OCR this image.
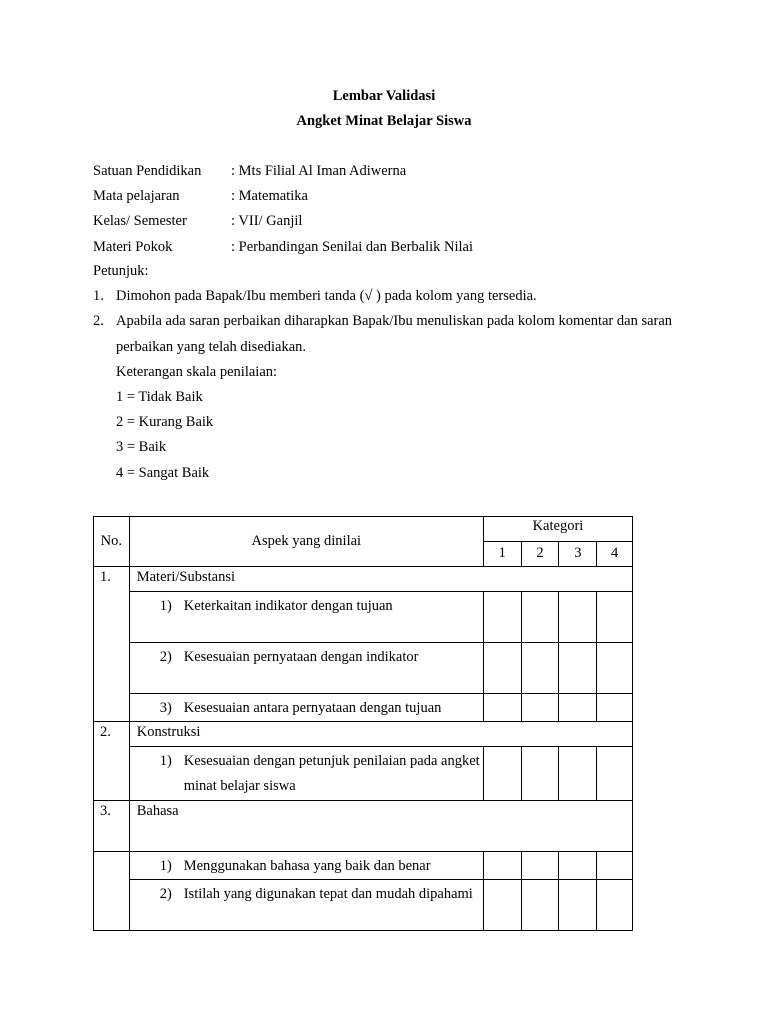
Lembar Validasi
Angket Minat Belajar Siswa
Satuan Pendidikan : Mts Filial Al Iman Adiwerna
Mata pelajaran	: Matematika
Kelas/ Semester	: VII/ Ganjil
Materi Pokok	: Perbandingan Senilai dan Berbalik Nilai
Petunjuk:
1. Dimohon pada Bapak/Ibu memberi tanda (√ ) pada kolom yang tersedia.
2. Apabila ada saran perbaikan diharapkan Bapak/Ibu menuliskan pada kolom komentar dan saran perbaikan yang telah disediakan.
Keterangan skala penilaian:
1 = Tidak Baik
2 = Kurang Baik
3 = Baik
4 = Sangat Baik
No.	Aspek yang dinilai	Kategori			
		1	2	3	4
1.	Materi/Substansi				

	1) Keterkaitan indikator dengan tujuan				

	2) Kesesuaian pernyataan dengan indikator				

	3) Kesesuaian antara pernyataan dengan tujuan				

2.	Konstruksi				

	1) Kesesuaian dengan petunjuk penilaian pada angket minat belajar siswa				

3.	Bahasa				

	1) Menggunakan bahasa yang baik dan benar				

	2) Istilah yang digunakan tepat dan mudah dipahami				
